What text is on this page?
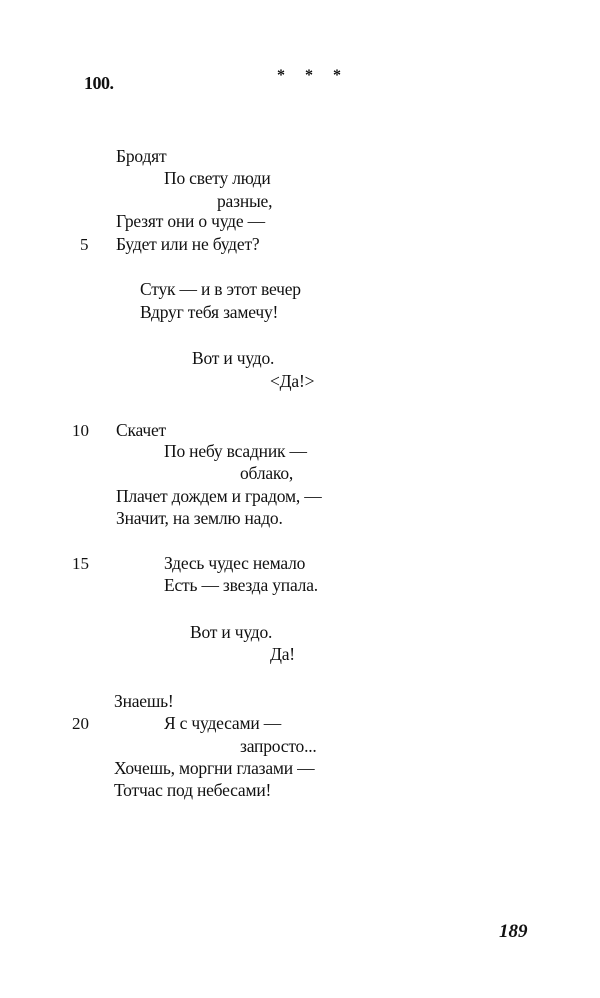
100.	* * *
Бродят
По свету люди
разные,
Грезят они о чуде —
5 Будет или не будет?
Стук — и в этот вечер
Вдруг тебя замечу!
Вот и чудо.
<Да!>
10 Скачет
По небу всадник —
облако,
Плачет дождем и градом, —
Значит, на землю надо.
15	Здесь чудес немало
Есть — звезда упала.
Вот и чудо.
Да!
Знаешь!
20	Я с чудесами —
запросто...
Хочешь, моргни глазами —
Тотчас под небесами!
189
